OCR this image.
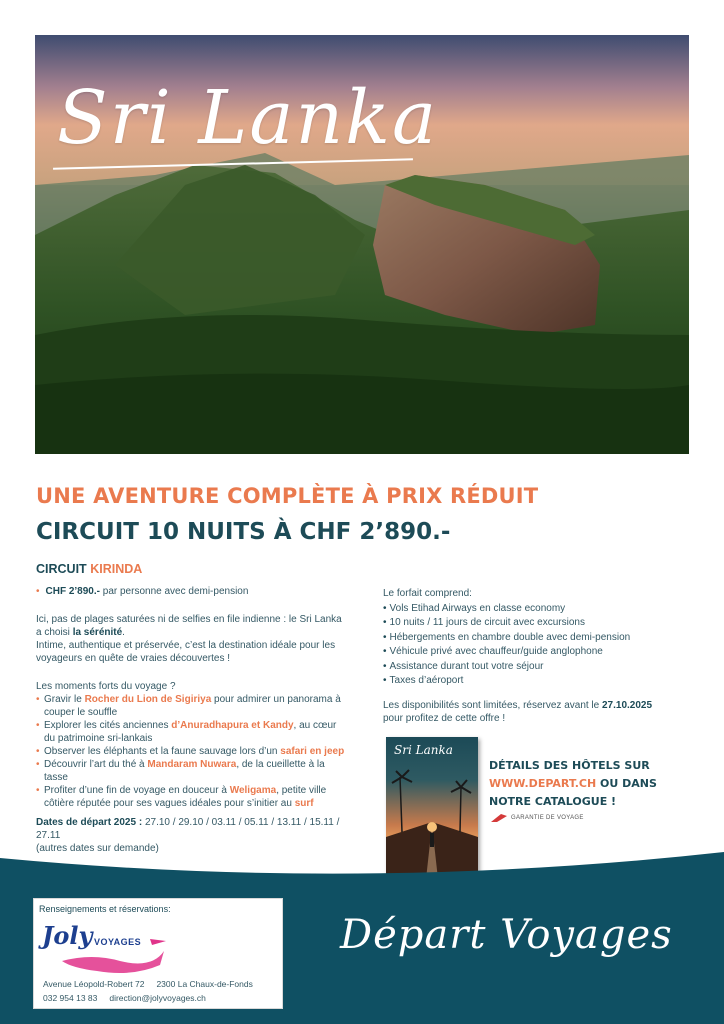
Sri Lanka
UNE AVENTURE COMPLÈTE À PRIX RÉDUIT
CIRCUIT 10 NUITS À CHF 2’890.-
CIRCUIT KIRINDA
• CHF 2’890.- par personne avec demi-pension
Ici, pas de plages saturées ni de selfies en file indienne : le Sri Lanka a choisi la sérénité.
Intime, authentique et préservée, c’est la destination idéale pour les voyageurs en quête de vraies découvertes !
Les moments forts du voyage ?
• Gravir le Rocher du Lion de Sigiriya pour admirer un panorama à couper le souffle
• Explorer les cités anciennes d’Anuradhapura et Kandy, au cœur du patrimoine sri-lankais
• Observer les éléphants et la faune sauvage lors d’un safari en jeep
• Découvrir l’art du thé à Mandaram Nuwara, de la cueillette à la tasse
• Profiter d’une fin de voyage en douceur à Weligama, petite ville côtière réputée pour ses vagues idéales pour s’initier au surf
Dates de départ 2025 : 27.10 / 29.10 / 03.11 / 05.11 / 13.11 / 15.11 / 27.11
(autres dates sur demande)
Le forfait comprend:
• Vols Etihad Airways en classe economy
• 10 nuits / 11 jours de circuit avec excursions
• Hébergements en chambre double avec demi-pension
• Véhicule privé avec chauffeur/guide anglophone
• Assistance durant tout votre séjour
• Taxes d’aéroport
Les disponibilités sont limitées, réservez avant le 27.10.2025
pour profitez de cette offre !
Sri Lanka
DÉTAILS DES HÔTELS SUR
WWW.DEPART.CH OU DANS
NOTRE CATALOGUE !
GARANTIE DE VOYAGE
Renseignements et réservations:
Joly VOYAGES
Avenue Léopold-Robert 72 2300 La Chaux-de-Fonds
032 954 13 83 direction@jolyvoyages.ch
Départ Voyages
